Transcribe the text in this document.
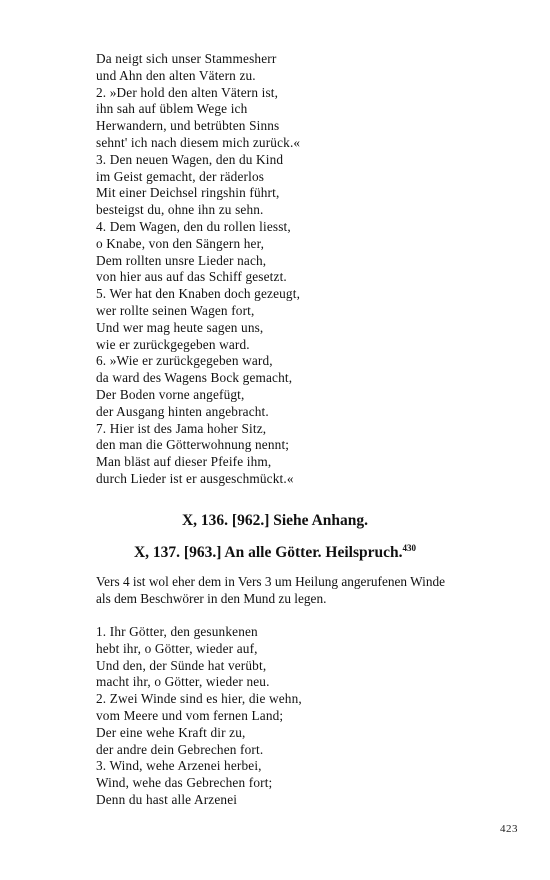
Da neigt sich unser Stammesherr
und Ahn den alten Vätern zu.
2. »Der hold den alten Vätern ist,
ihn sah auf üblem Wege ich
Herwandern, und betrübten Sinns
sehnt' ich nach diesem mich zurück.«
3. Den neuen Wagen, den du Kind
im Geist gemacht, der räderlos
Mit einer Deichsel ringshin führt,
besteigst du, ohne ihn zu sehn.
4. Dem Wagen, den du rollen liesst,
o Knabe, von den Sängern her,
Dem rollten unsre Lieder nach,
von hier aus auf das Schiff gesetzt.
5. Wer hat den Knaben doch gezeugt,
wer rollte seinen Wagen fort,
Und wer mag heute sagen uns,
wie er zurückgegeben ward.
6. »Wie er zurückgegeben ward,
da ward des Wagens Bock gemacht,
Der Boden vorne angefügt,
der Ausgang hinten angebracht.
7. Hier ist des Jama hoher Sitz,
den man die Götterwohnung nennt;
Man bläst auf dieser Pfeife ihm,
durch Lieder ist er ausgeschmückt.«
X, 136. [962.] Siehe Anhang.
X, 137. [963.] An alle Götter. Heilspruch.$^{430}$
Vers 4 ist wol eher dem in Vers 3 um Heilung angerufenen Winde
als dem Beschwörer in den Mund zu legen.
1. Ihr Götter, den gesunkenen
hebt ihr, o Götter, wieder auf,
Und den, der Sünde hat verübt,
macht ihr, o Götter, wieder neu.
2. Zwei Winde sind es hier, die wehn,
vom Meere und vom fernen Land;
Der eine wehe Kraft dir zu,
der andre dein Gebrechen fort.
3. Wind, wehe Arzenei herbei,
Wind, wehe das Gebrechen fort;
Denn du hast alle Arzenei
423
